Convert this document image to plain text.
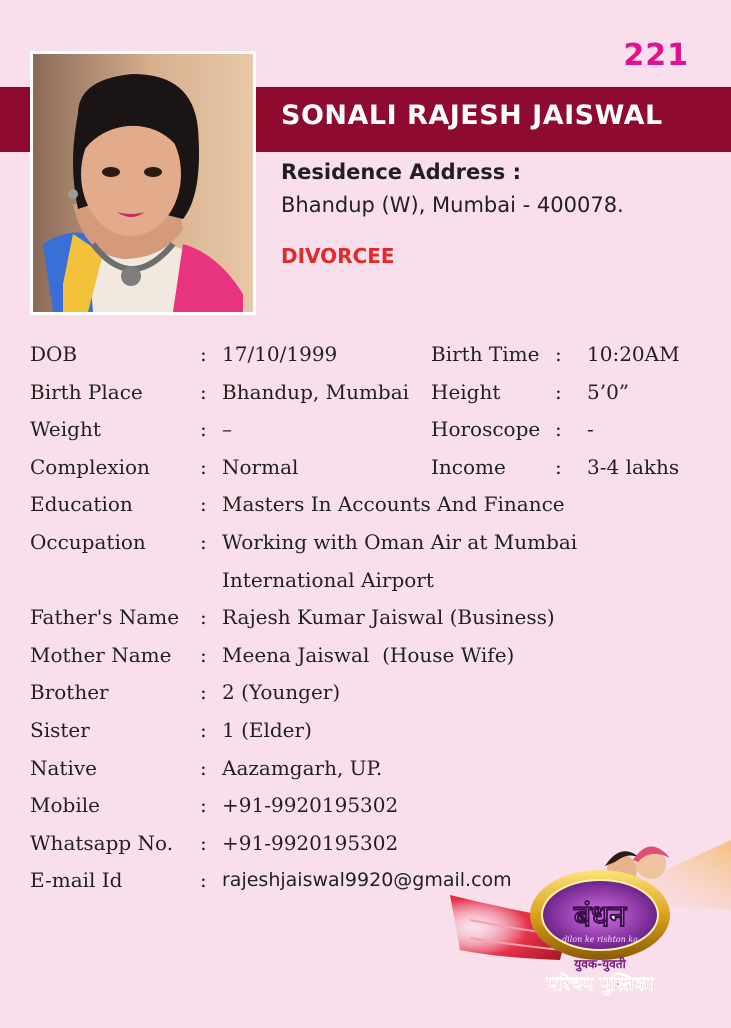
221
SONALI RAJESH JAISWAL
Residence Address :
Bhandup (W), Mumbai - 400078.
DIVORCEE
DOB	: 17/10/1999	Birth Time : 10:20AM
Birth Place	: Bhandup, Mumbai Height	: 5’0”
Weight	: –	Horoscope : -
Complexion	: Normal	Income : 3-4 lakhs
Education	: Masters In Accounts And Finance
Occupation	: Working with Oman Air at Mumbai
International Airport
Father's Name : Rajesh Kumar Jaiswal (Business)
Mother Name : Meena Jaiswal  (House Wife)
Brother	: 2 (Younger)
Sister	: 1 (Elder)
Native	: Aazamgarh, UP.
Mobile	: +91-9920195302
Whatsapp No. : +91-9920195302
E-mail Id	: rajeshjaiswal9920@gmail.com
बंधन
dilon ke rishton ka
युवक-युवती
परिचय पुस्तिका
